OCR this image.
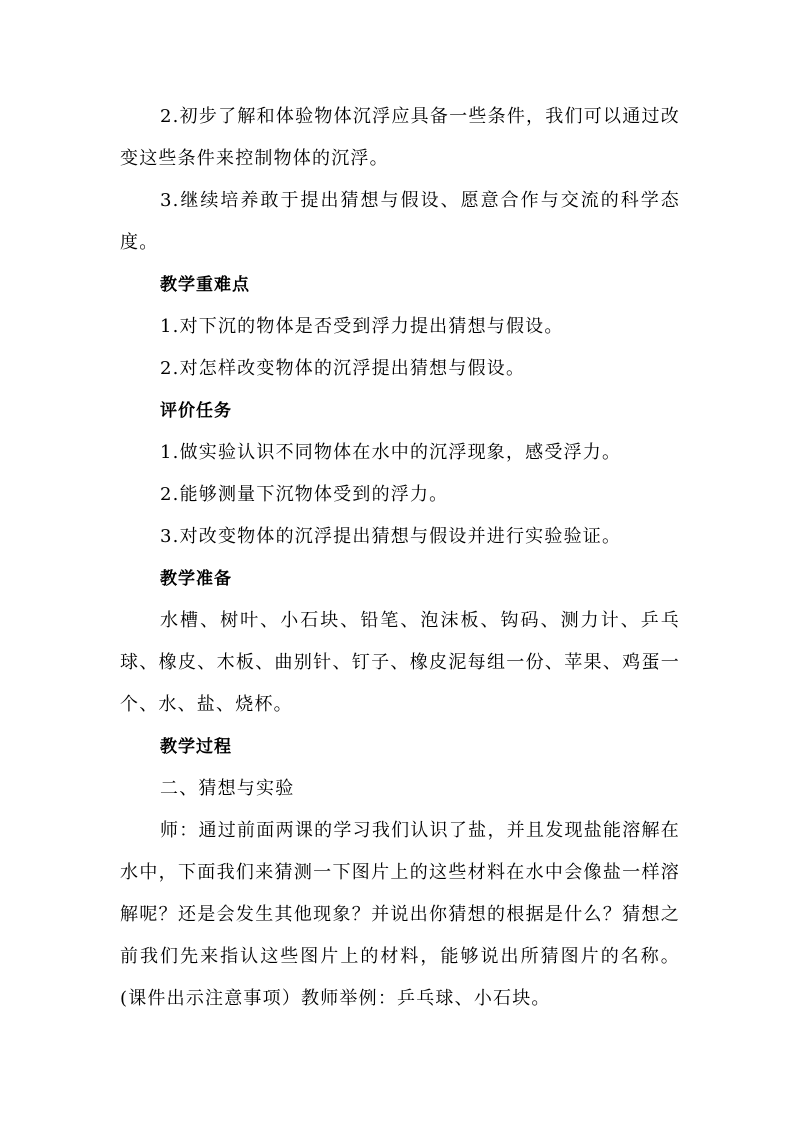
2.初步了解和体验物体沉浮应具备一些条件，我们可以通过改变这些条件来控制物体的沉浮。

3.继续培养敢于提出猜想与假设、愿意合作与交流的科学态度。

教学重难点

1.对下沉的物体是否受到浮力提出猜想与假设。

2.对怎样改变物体的沉浮提出猜想与假设。

评价任务

1.做实验认识不同物体在水中的沉浮现象，感受浮力。

2.能够测量下沉物体受到的浮力。

3.对改变物体的沉浮提出猜想与假设并进行实验验证。

教学准备

水槽、树叶、小石块、铅笔、泡沫板、钩码、测力计、乒乓球、橡皮、木板、曲别针、钉子、橡皮泥每组一份、苹果、鸡蛋一个、水、盐、烧杯。

教学过程

二、猜想与实验

师：通过前面两课的学习我们认识了盐，并且发现盐能溶解在水中，下面我们来猜测一下图片上的这些材料在水中会像盐一样溶解呢？还是会发生其他现象？并说出你猜想的根据是什么？猜想之前我们先来指认这些图片上的材料，能够说出所猜图片的名称。(课件出示注意事项）教师举例：乒乓球、小石块。
